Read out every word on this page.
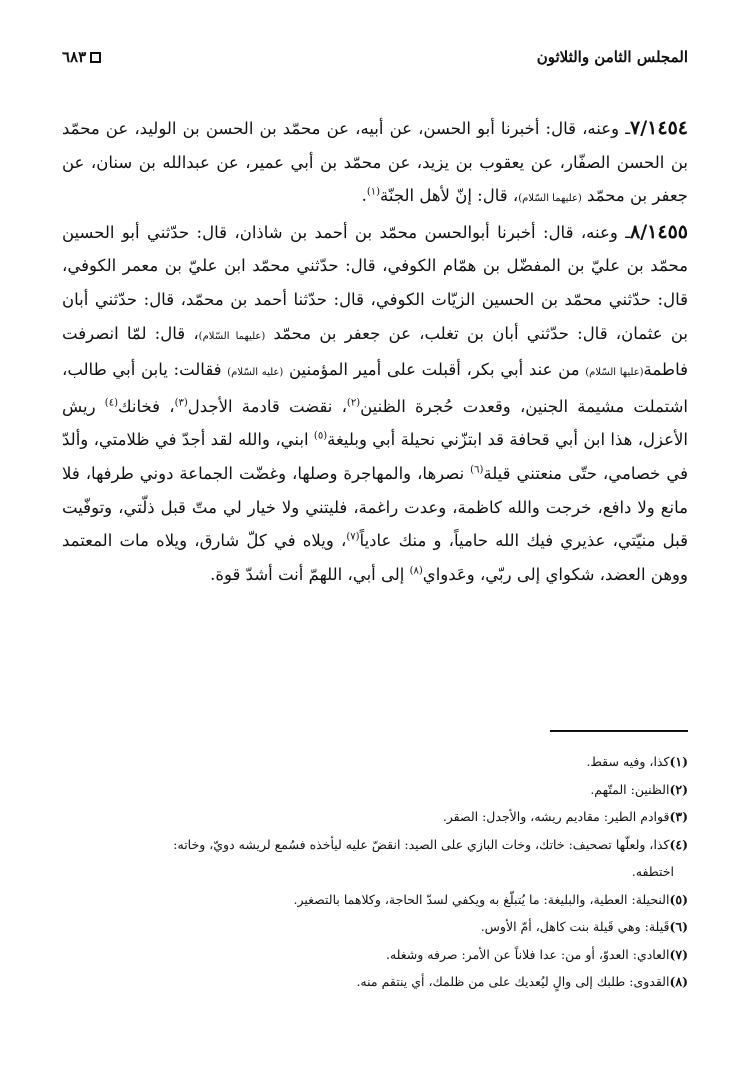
المجلس الثامن والثلاثون
٦٨٣

٧/١٤٥٤ـ وعنه، قال: أخبرنا أبو الحسن، عن أبيه، عن محمّد بن الحسن بن الوليد، عن محمّد بن الحسن الصفّار، عن يعقوب بن يزيد، عن محمّد بن أبي عمير، عن عبدالله بن سنان، عن جعفر بن محمّد (عليهما السّلام)، قال: إنّ لأهل الجنّة$^{(١)}$.

٨/١٤٥٥ـ وعنه، قال: أخبرنا أبوالحسن محمّد بن أحمد بن شاذان، قال: حدّثني أبو الحسين محمّد بن عليّ بن المفضّل بن همّام الكوفي، قال: حدّثني محمّد ابن عليّ بن معمر الكوفي، قال: حدّثني محمّد بن الحسين الزيّات الكوفي، قال: حدّثنا أحمد بن محمّد، قال: حدّثني أبان بن عثمان، قال: حدّثني أبان بن تغلب، عن جعفر بن محمّد (عليهما السّلام)، قال: لمّا انصرفت فاطمة(عليها السّلام) من عند أبي بكر، أقبلت على أمير المؤمنين (عليه السّلام) فقالت: يابن أبي طالب، اشتملت مشيمة الجنين، وقعدت حُجرة الظنين$^{(٢)}$، نقضت قادمة الأجدل$^{(٣)}$، فخانك$^{(٤)}$ ريش الأعزل، هذا ابن أبي قحافة قد ابتزّني نحيلة أبي وبليغة$^{(٥)}$ ابني، والله لقد أجدّ في ظلامتي، وألدّ في خصامي، حتّى منعتني قيلة$^{(٦)}$ نصرها، والمهاجرة وصلها، وغضّت الجماعة دوني طرفها، فلا مانع ولا دافع، خرجت والله كاظمة، وعدت راغمة، فليتني ولا خيار لي متّ قبل ذلّتي، وتوفّيت قبل منيّتي، عذيري فيك الله حامياً، و منك عادياً$^{(٧)}$، ويلاه في كلّ شارق، ويلاه مات المعتمد ووهن العضد، شكواي إلى ربّي، وعَدواي$^{(٨)}$ إلى أبي، اللهمّ أنت أشدّ قوة.

(١)كذا، وفيه سقط.

(٢)الظنين: المتّهم.

(٣)قوادم الطير: مقاديم ريشه، والأجدل: الصقر.

(٤)كذا، ولعلّها تصحيف: خاتك، وخات البازي على الصيد: انقضّ عليه ليأخذه فسُمع لريشه دويّ، وخاته:

اختطفه.

(٥)النحيلة: العطية، والبليغة: ما يُتبلّغ به ويكفي لسدّ الحاجة، وكلاهما بالتصغير.

(٦)قَيلة: وهي قَيلة بنت كاهل، أمّ الأوس.

(٧)العادي: العدوّ، أو من: عدا فلاناً عن الأمر: صرفه وشغله.

(٨)القدوى: طلبك إلى والٍ ليُعديك على من ظلمك، أي ينتقم منه.
